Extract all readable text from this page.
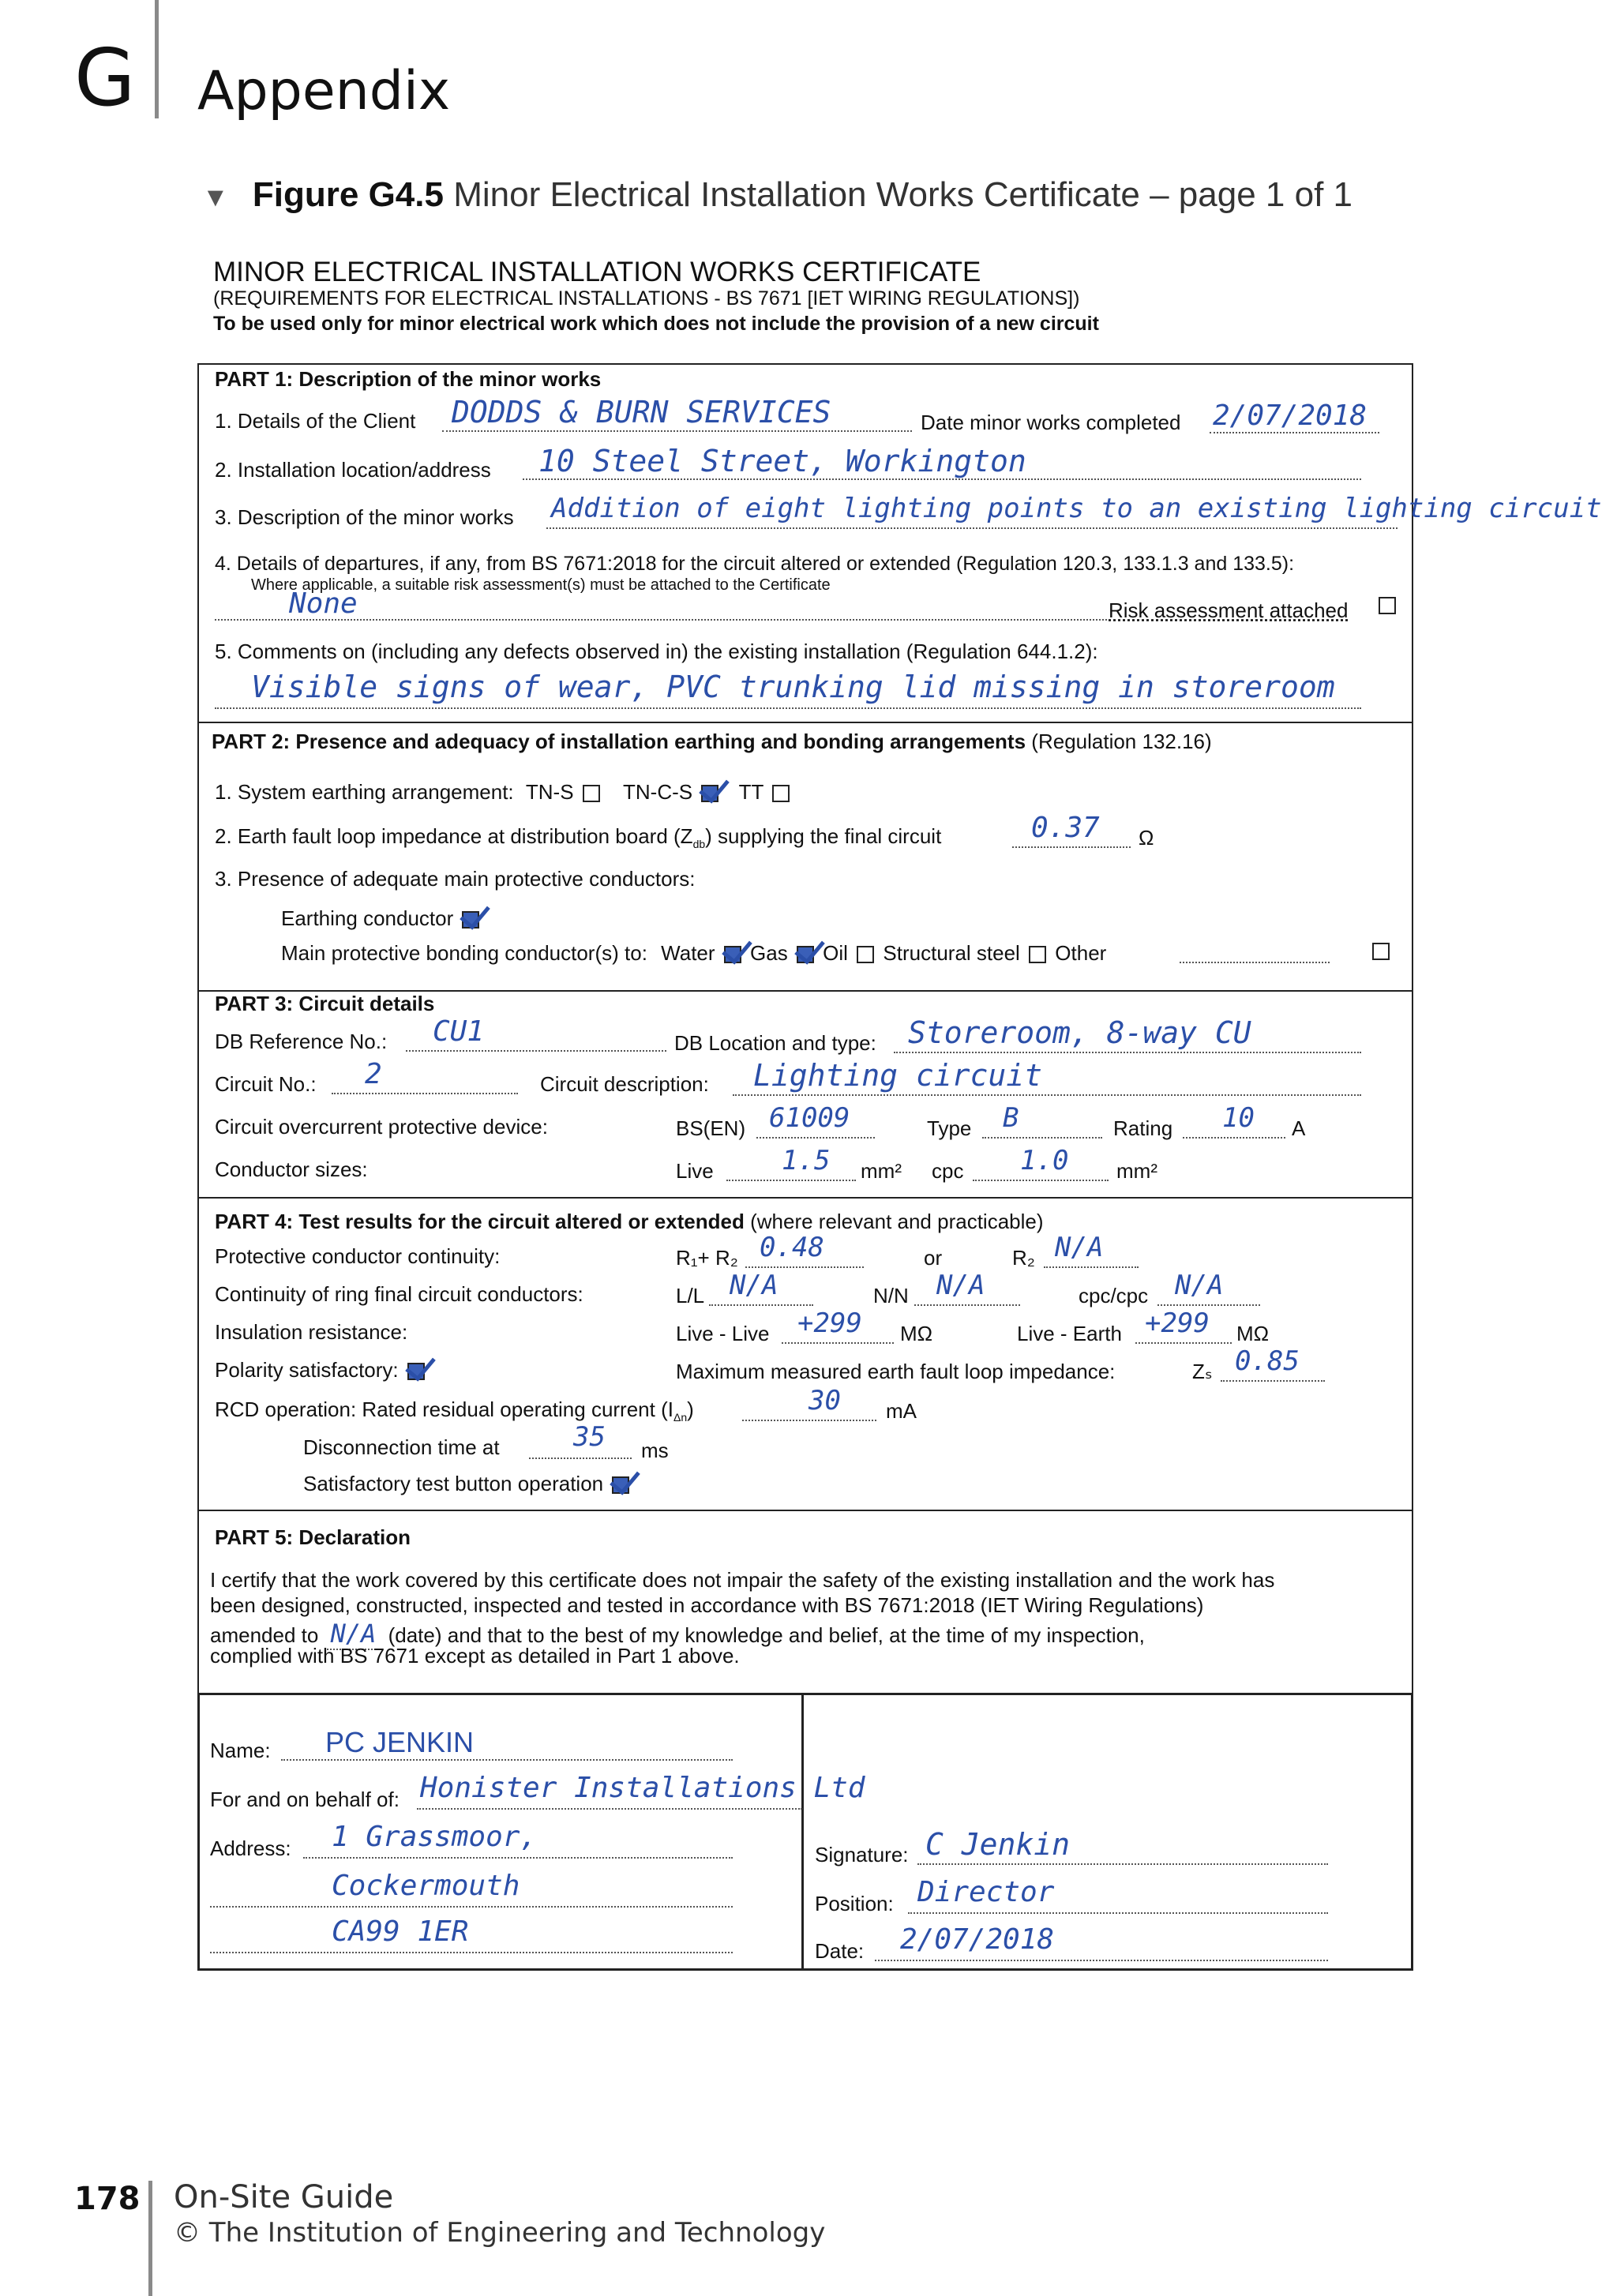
G Appendix
▼ Figure G4.5 Minor Electrical Installation Works Certificate – page 1 of 1
MINOR ELECTRICAL INSTALLATION WORKS CERTIFICATE
(REQUIREMENTS FOR ELECTRICAL INSTALLATIONS - BS 7671 [IET WIRING REGULATIONS])
To be used only for minor electrical work which does not include the provision of a new circuit
PART 1: Description of the minor works
1. Details of the Client DODDS & BURN SERVICES	Date minor works completed 2/07/2018
2. Installation location/address 10 Steel Street, Workington
3. Description of the minor works Addition of eight lighting points to an existing lighting circuit
4. Details of departures, if any, from BS 7671:2018 for the circuit altered or extended (Regulation 120.3, 133.1.3 and 133.5):
Where applicable, a suitable risk assessment(s) must be attached to the Certificate
None	Risk assessment attached

5. Comments on (including any defects observed in) the existing installation (Regulation 644.1.2):
Visible signs of wear, PVC trunking lid missing in storeroom
PART 2: Presence and adequacy of installation earthing and bonding arrangements (Regulation 132.16)
1. System earthing arrangement: TN-S TN-C-S TT
2. Earth fault loop impedance at distribution board $(Z_{db})$ supplying the final circuit	0.37 Ω
3. Presence of adequate main protective conductors:
Earthing conductor
Main protective bonding conductor(s) to: Water Gas Oil Structural steel Other
PART 3: Circuit details
DB Reference No.: CU1	DB Location and type: Storeroom, 8-way CU
Circuit No.: 2	Circuit description: Lighting circuit
Circuit overcurrent protective device:	BS(EN) 61009	Type B	Rating 10 A
Conductor sizes:	Live	1.5 mm² cpc 1.0 mm²
PART 4: Test results for the circuit altered or extended (where relevant and practicable)
Protective conductor continuity:	R₁+ R₂ 0.48	or	R₂ N/A
Continuity of ring final circuit conductors:	L/L N/A	N/N N/A	cpc/cpc N/A
Insulation resistance:	Live - Live +299 MΩ	Live - Earth +299 MΩ
Polarity satisfactory:	Maximum measured earth fault loop impedance:	Zₛ 0.85
RCD operation: Rated residual operating current $(I_{\Delta n})$	30 mA
Disconnection time at	35 ms
Satisfactory test button operation
PART 5: Declaration
I certify that the work covered by this certificate does not impair the safety of the existing installation and the work has
been designed, constructed, inspected and tested in accordance with BS 7671:2018 (IET Wiring Regulations)
amended to N/A (date) and that to the best of my knowledge and belief, at the time of my inspection,
complied with BS 7671 except as detailed in Part 1 above.
Name: PC JENKIN
For and on behalf of: Honister Installations Ltd
Address: 1 Grassmoor,
Cockermouth
CA99 1ER
Signature: C Jenkin
Position: Director
Date: 2/07/2018
178 On-Site Guide
© The Institution of Engineering and Technology
